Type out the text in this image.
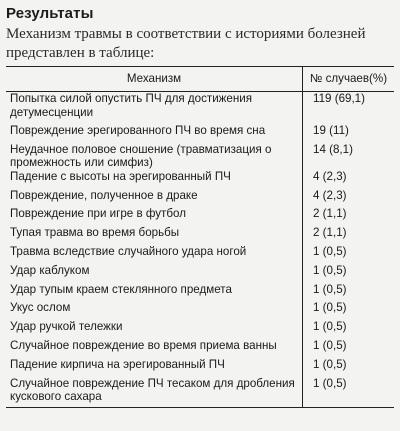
Результаты
Механизм травмы в соответствии с историями болезней представлен в таблице:
Механизм	№ случаев(%)
Попытка силой опустить ПЧ для достижения детумесценции	119 (69,1)
Повреждение эрегированного ПЧ во время сна	19 (11)
Неудачное половое сношение (травматизация о промежность или симфиз)	14 (8,1)
Падение с высоты на эрегированный ПЧ	4 (2,3)
Повреждение, полученное в драке	4 (2,3)
Повреждение при игре в футбол	2 (1,1)
Тупая травма во время борьбы	2 (1,1)
Травма вследствие случайного удара ногой	1 (0,5)
Удар каблуком	1 (0,5)
Удар тупым краем стеклянного предмета	1 (0,5)
Укус ослом	1 (0,5)
Удар ручкой тележки	1 (0,5)
Случайное повреждение во время приема ванны	1 (0,5)
Падение кирпича на эрегированный ПЧ	1 (0,5)
Случайное повреждение ПЧ тесаком для дробления кускового сахара	1 (0,5)
